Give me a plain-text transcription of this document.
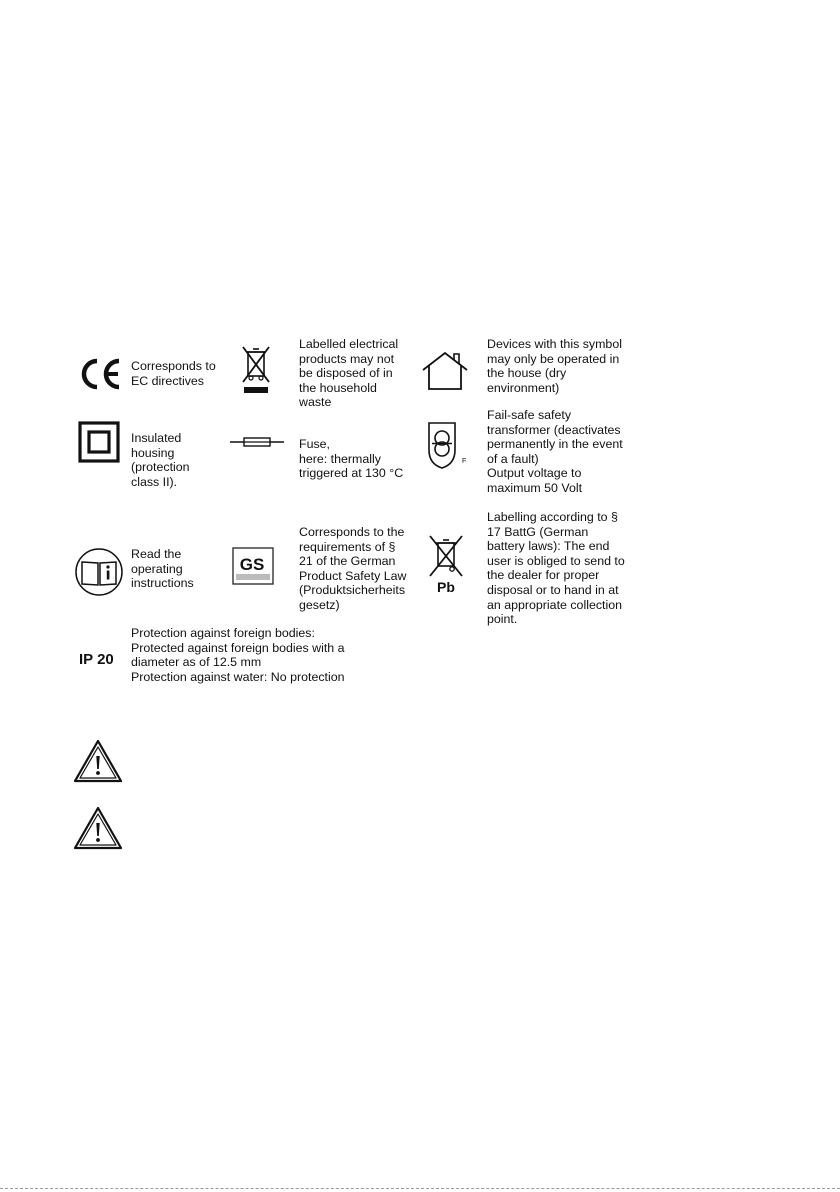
Corresponds to
EC directives
Labelled electrical
products may not
be disposed of in
the household
waste
Devices with this symbol
may only be operated in
the house (dry
environment)
Insulated
housing
(protection
class II).
Fuse,
here: thermally
triggered at 130 °C
F
Fail-safe safety
transformer (deactivates
permanently in the event
of a fault)
Output voltage to
maximum 50 Volt
Read the
operating
instructions
GS
Corresponds to the
requirements of §
21 of the German
Product Safety Law
(Produktsicherheits
gesetz)
Pb
Labelling according to §
17 BattG (German
battery laws): The end
user is obliged to send to
the dealer for proper
disposal or to hand in at
an appropriate collection
point.
IP 20
Protection against foreign bodies:
Protected against foreign bodies with a
diameter as of 12.5 mm
Protection against water: No protection
